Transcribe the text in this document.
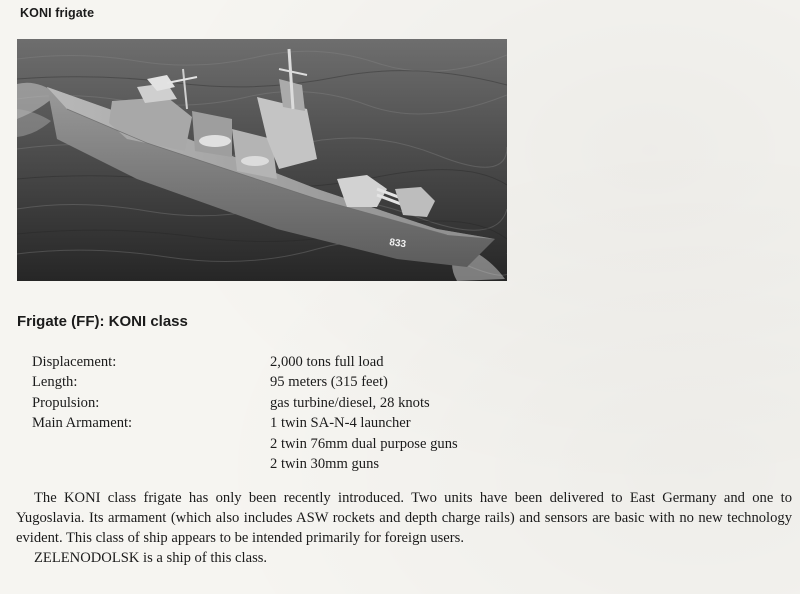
KONI frigate
833
Frigate (FF): KONI class
Displacement:	2,000 tons full load
Length:	95 meters (315 feet)
Propulsion:	gas turbine/diesel, 28 knots
Main Armament:	1 twin SA-N-4 launcher
2 twin 76mm dual purpose guns
2 twin 30mm guns

The KONI class frigate has only been recently introduced. Two units have been delivered to East Germany and one to Yugoslavia. Its armament (which also includes ASW rockets and depth charge rails) and sensors are basic with no new technology evident. This class of ship appears to be intended primarily for foreign users.

ZELENODOLSK is a ship of this class.
